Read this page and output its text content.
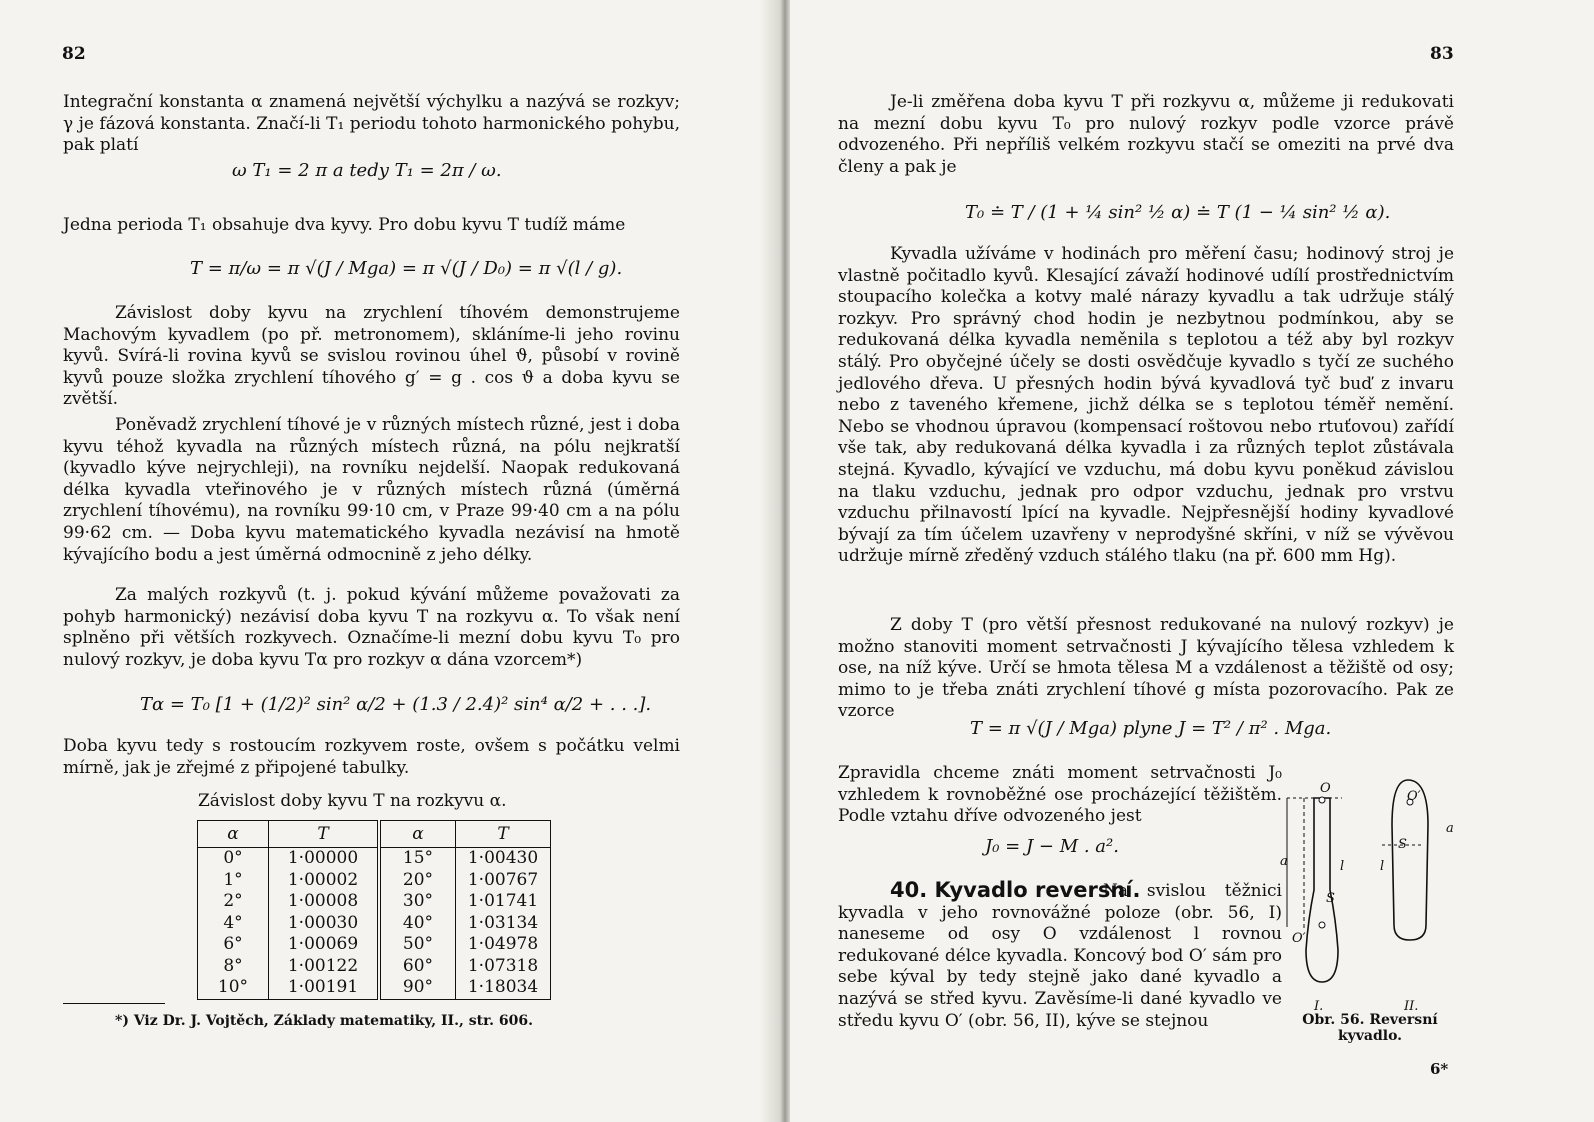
82
Integrační konstanta α znamená největší výchylku a nazývá se rozkyv; γ je fázová konstanta. Značí-li T₁ periodu tohoto harmonického pohybu, pak platí
ω T₁ = 2 π a tedy T₁ = 2π / ω.
Jedna perioda T₁ obsahuje dva kyvy. Pro dobu kyvu T tudíž máme
T = π/ω = π √(J / Mga) = π √(J / D₀) = π √(l / g).
Závislost doby kyvu na zrychlení tíhovém demonstrujeme Machovým kyvadlem (po př. metronomem), skláníme-li jeho rovinu kyvů. Svírá-li rovina kyvů se svislou rovinou úhel ϑ, působí v rovině kyvů pouze složka zrychlení tíhového g′ = g . cos ϑ a doba kyvu se zvětší.
Poněvadž zrychlení tíhové je v různých místech různé, jest i doba kyvu téhož kyvadla na různých místech různá, na pólu nejkratší (kyvadlo kýve nejrychleji), na rovníku nejdelší. Naopak redukovaná délka kyvadla vteřinového je v různých místech různá (úměrná zrychlení tíhovému), na rovníku 99·10 cm, v Praze 99·40 cm a na pólu 99·62 cm. — Doba kyvu matematického kyvadla nezávisí na hmotě kývajícího bodu a jest úměrná odmocnině z jeho délky.
Za malých rozkyvů (t. j. pokud kývání můžeme považovati za pohyb harmonický) nezávisí doba kyvu T na rozkyvu α. To však není splněno při větších rozkyvech. Označíme-li mezní dobu kyvu T₀ pro nulový rozkyv, je doba kyvu Tα pro rozkyv α dána vzorcem*)
Tα = T₀ [1 + (1/2)² sin² α/2 + (1.3 / 2.4)² sin⁴ α/2 + . . .].
Doba kyvu tedy s rostoucím rozkyvem roste, ovšem s počátku velmi mírně, jak je zřejmé z připojené tabulky.
Závislost doby kyvu T na rozkyvu α.
α	T	α	T
0°	1·00000	15°	1·00430
1°	1·00002	20°	1·00767
2°	1·00008	30°	1·01741
4°	1·00030	40°	1·03134
6°	1·00069	50°	1·04978
8°	1·00122	60°	1·07318
10°	1·00191	90°	1·18034
*) Viz Dr. J. Vojtěch, Základy matematiky, II., str. 606.
83
Je-li změřena doba kyvu T při rozkyvu α, můžeme ji redukovati na mezní dobu kyvu T₀ pro nulový rozkyv podle vzorce právě odvozeného. Při nepříliš velkém rozkyvu stačí se omeziti na prvé dva členy a pak je
T₀ ≐ T / (1 + ¼ sin² ½ α) ≐ T (1 − ¼ sin² ½ α).
Kyvadla užíváme v hodinách pro měření času; hodinový stroj je vlastně počitadlo kyvů. Klesající závaží hodinové udílí prostřednictvím stoupacího kolečka a kotvy malé nárazy kyvadlu a tak udržuje stálý rozkyv. Pro správný chod hodin je nezbytnou podmínkou, aby se redukovaná délka kyvadla neměnila s teplotou a též aby byl rozkyv stálý. Pro obyčejné účely se dosti osvědčuje kyvadlo s tyčí ze suchého jedlového dřeva. U přesných hodin bývá kyvadlová tyč buď z invaru nebo z taveného křemene, jichž délka se s teplotou téměř nemění. Nebo se vhodnou úpravou (kompensací roštovou nebo rtuťovou) zařídí vše tak, aby redukovaná délka kyvadla i za různých teplot zůstávala stejná. Kyvadlo, kývající ve vzduchu, má dobu kyvu poněkud závislou na tlaku vzduchu, jednak pro odpor vzduchu, jednak pro vrstvu vzduchu přilnavostí lpící na kyvadle. Nejpřesnější hodiny kyvadlové bývají za tím účelem uzavřeny v neprodyšné skříni, v níž se vývěvou udržuje mírně zředěný vzduch stálého tlaku (na př. 600 mm Hg).
Z doby T (pro větší přesnost redukované na nulový rozkyv) je možno stanoviti moment setrvačnosti J kývajícího tělesa vzhledem k ose, na níž kýve. Určí se hmota tělesa M a vzdálenost a těžiště od osy; mimo to je třeba znáti zrychlení tíhové g místa pozorovacího. Pak ze vzorce
T = π √(J / Mga) plyne J = T² / π² . Mga.
Zpravidla chceme znáti moment setrvačnosti J₀ vzhledem k rovnoběžné ose procházející těžištěm. Podle vztahu dříve odvozeného jest
J₀ = J − M . a².
40. Kyvadlo reversní.
Na svislou těžnici kyvadla v jeho rovnovážné poloze (obr. 56, I) naneseme od osy O vzdálenost l rovnou redukované délce kyvadla. Koncový bod O′ sám pro sebe kýval by tedy stejně jako dané kyvadlo a nazývá se střed kyvu. Zavěsíme-li dané kyvadlo ve středu kyvu O′ (obr. 56, II), kýve se stejnou
O
a
S
l
O′
I.	II.
O′
a
S
l
Obr. 56. Reversní kyvadlo.
6*
